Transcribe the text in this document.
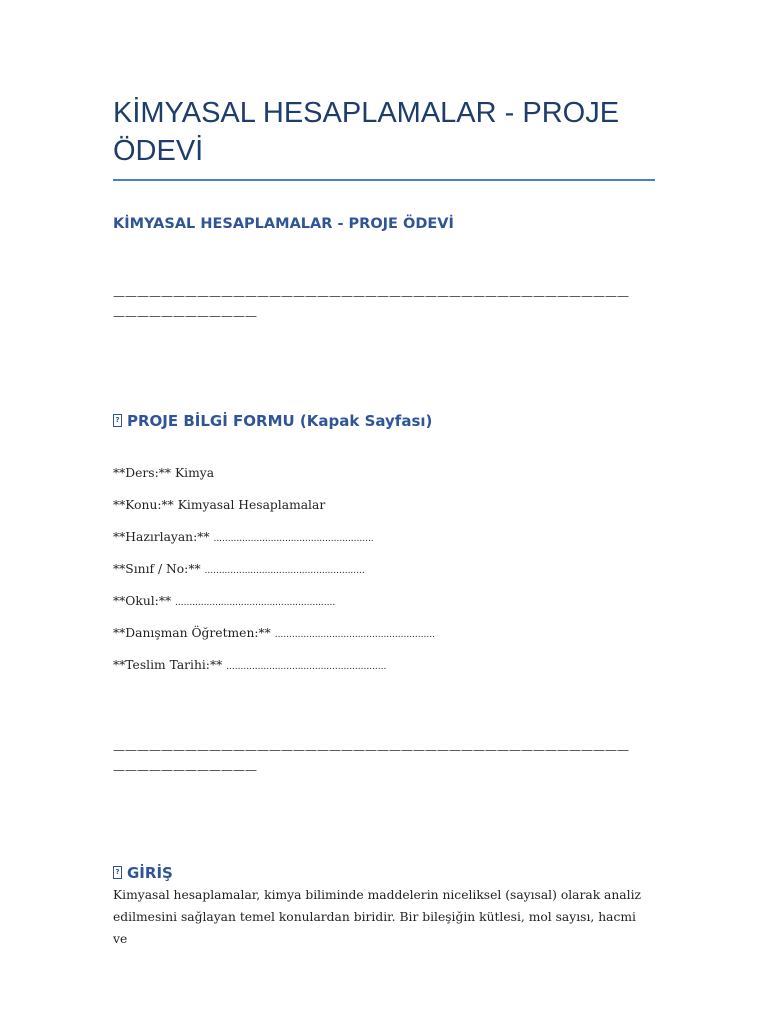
KİMYASAL HESAPLAMALAR - PROJE ÖDEVİ
KİMYASAL HESAPLAMALAR - PROJE ÖDEVİ
———————————————————————————————————————————
————————————
? PROJE BİLGİ FORMU (Kapak Sayfası)
**Ders:** Kimya
**Konu:** Kimyasal Hesaplamalar
**Hazırlayan:** ........................................................
**Sınıf / No:** ........................................................
**Okul:** ........................................................
**Danışman Öğretmen:** ........................................................
**Teslim Tarihi:** ........................................................
———————————————————————————————————————————
————————————
? GİRİŞ

Kimyasal hesaplamalar, kimya biliminde maddelerin niceliksel (sayısal) olarak analiz edilmesini sağlayan temel konulardan biridir. Bir bileşiğin kütlesi, mol sayısı, hacmi ve
